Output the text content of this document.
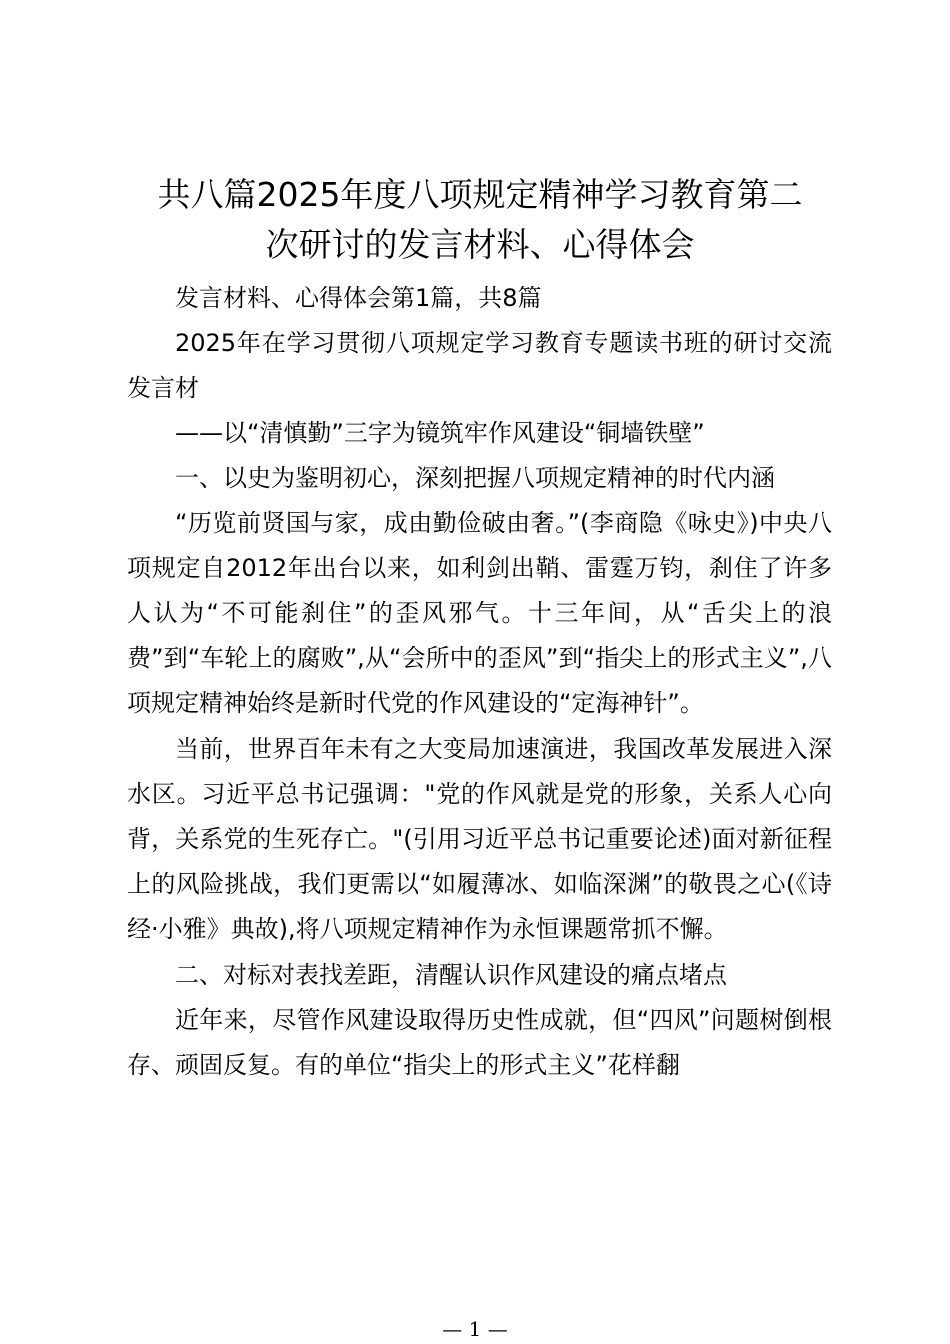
共八篇2025年度八项规定精神学习教育第二
次研讨的发言材料、心得体会

发言材料、心得体会第1篇，共8篇

2025年在学习贯彻八项规定学习教育专题读书班的研讨交流发言材

——以“清慎勤”三字为镜筑牢作风建设“铜墙铁壁”

一、以史为鉴明初心，深刻把握八项规定精神的时代内涵

“历览前贤国与家，成由勤俭破由奢。”(李商隐《咏史》)中央八项规定自2012年出台以来，如利剑出鞘、雷霆万钧，刹住了许多人认为“不可能刹住”的歪风邪气。十三年间，从“舌尖上的浪费”到“车轮上的腐败”,从“会所中的歪风”到“指尖上的形式主义”,八项规定精神始终是新时代党的作风建设的“定海神针”。

当前，世界百年未有之大变局加速演进，我国改革发展进入深水区。习近平总书记强调："党的作风就是党的形象，关系人心向背，关系党的生死存亡。"(引用习近平总书记重要论述)面对新征程上的风险挑战，我们更需以“如履薄冰、如临深渊”的敬畏之心(《诗经·小雅》典故),将八项规定精神作为永恒课题常抓不懈。

二、对标对表找差距，清醒认识作风建设的痛点堵点

近年来，尽管作风建设取得历史性成就，但“四风”问题树倒根存、顽固反复。有的单位“指尖上的形式主义”花样翻

— 1 —
